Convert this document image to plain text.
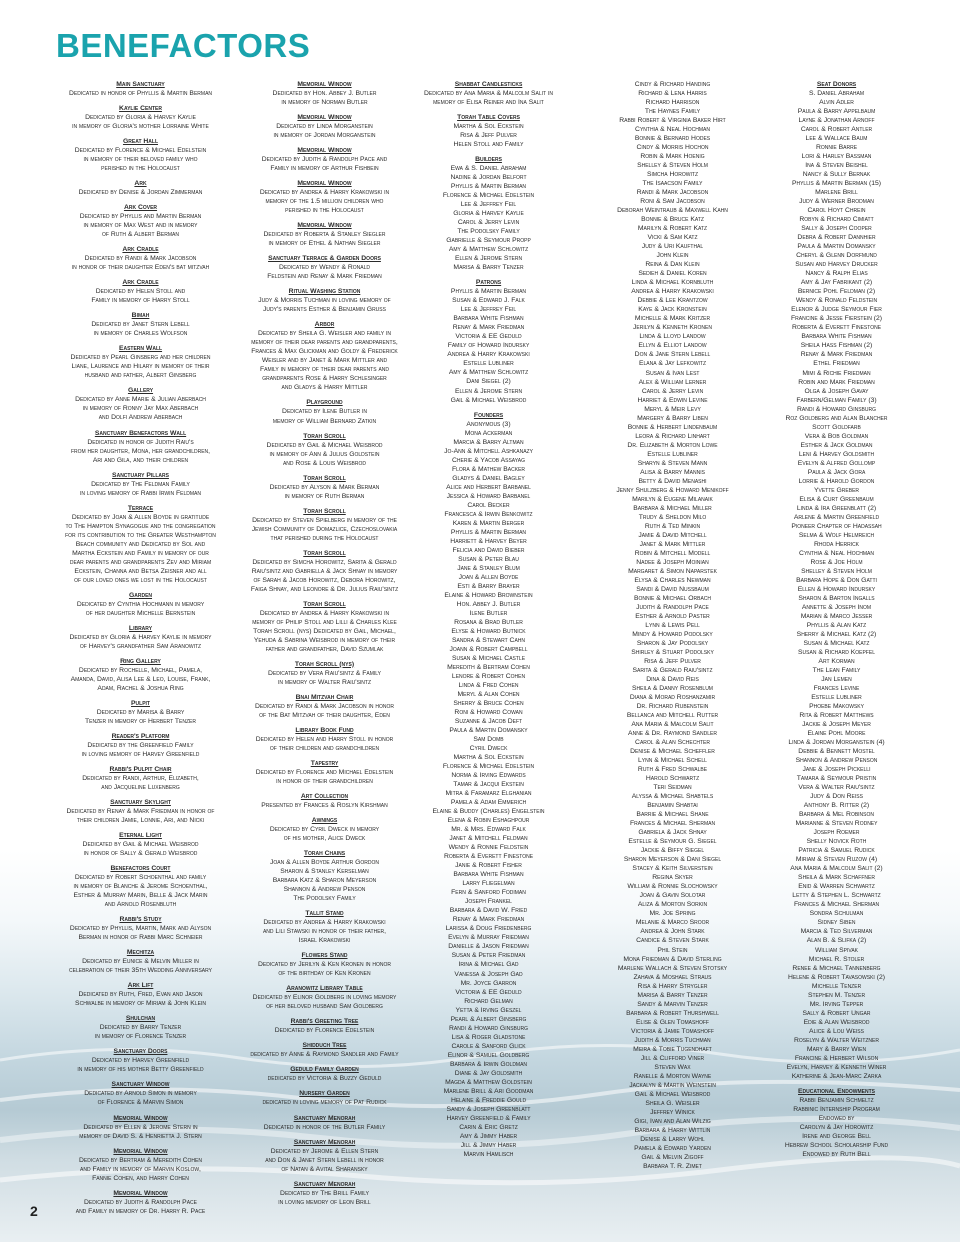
BENEFACTORS
Main Sanctuary
Dedicated in honor of Phyllis & Martin Berman
Kaylie Center
Dedicated by Gloria & Harvey Kaylie
in memory of Gloria's mother Lorraine White
Great Hall
Dedicated by Florence & Michael Edelstein
in memory of their beloved family who
perished in the Holocaust
Ark
Dedicated by Denise & Jordan Zimmerman
Ark Cover
Dedicated by Phyllis and Martin Berman
in memory of Max West and in memory
of Ruth & Albert Berman
Ark Cradle
Dedicated by Randi & Mark Jacobson
in honor of their daughter Eden's bat mitzvah
Ark Cradle
Dedicated by Helen Stoll and
Family in memory of Harry Stoll
Bimah
Dedicated by Janet Stern Lebell
in memory of Charles Wolfson
Eastern Wall
Dedicated by Pearl Ginsberg and her children
Liane, Laurence and Hilary in memory of their
husband and father, Albert Ginsberg
Gallery
Dedicated by Anne Marie & Julian Aberbach
in memory of Ronny Jay Max Aberbach
and Dolfi Andrew Aberbach
Sanctuary Benefactors Wall
Dedicated in honor of Judith Raiu's
from her daughter, Mona, her grandchildren,
Ari and Gila, and their children
Sanctuary Pillars
Dedicated by The Feldman Family
in loving memory of Rabbi Irwin Feldman
Terrace
Dedicated by Joan & Allen Boyde in gratitude
to The Hampton Synagogue and the congregation
for its contribution to the Greater Westhampton
Beach community and Dedicated by Sol and
Martha Eckstein and Family in memory of our
dear parents and grandparents Zev and Miriam
Eckstein, Channa and Betsa Zeisner and all
of our loved ones we lost in the Holocaust
Garden
Dedicated by Cynthia Hochmann in memory
of her daughter Michelle Bernstein
Library
Dedicated by Gloria & Harvey Kaylie in memory
of Harvey's grandfather Sam Aranowitz
Ring Gallery
Dedicated by Rochelle, Michael, Pamela,
Amanda, David, Alisa Lee & Leo, Louise, Frank,
Adam, Rachel & Joshua Ring
Pulpit
Dedicated by Marisa & Barry
Tenzer in memory of Herbert Tenzer
Reader's Platform
Dedicated by the Greenfield Family
in loving memory of Harvey Greenfield
Rabbi's Pulpit Chair
Dedicated by Randi, Arthur, Elizabeth,
and Jacqueline Luxenberg
Sanctuary Skylight
Dedicated by Renay & Mark Friedman in honor of
their children Jamie, Lonnie, Ari, and Nicki
Eternal Light
Dedicated by Gail & Michael Weisbrod
in honor of Sally & Gerald Weisbrod
Benefactors Court
Dedicated by Robert Schoenthal and family
in memory of Blanche & Jerome Schoenthal,
Esther & Murray Marin, Belle & Jack Marin
and Arnold Rosenbluth
Rabbi's Study
Dedicated by Phyllis, Martin, Mark and Alyson
Berman in honor of Rabbi Marc Schneier
Mechitza
Dedicated by Eunice & Melvin Miller in
celebration of their 35th Wedding Anniversary
Ark Lift
Dedicated by Ruth, Fred, Evan and Jason
Schwalbe in memory of Miriam & John Klein
Shulchan
Dedicated by Barry Tenzer
in memory of Florence Tenzer
Sanctuary Doors
Dedicated by Harvey Greenfield
in memory of his mother Betty Greenfield
Sanctuary Window
Dedicated by Arnold Simon in memory
of Florence & Marvin Simon
Memorial Window
Dedicated by Ellen & Jerome Stern in
memory of David S. & Henrietta J. Stern
Memorial Window
Dedicated by Bertram & Meredith Cohen
and Family in memory of Marvin Koslow,
Fannie Cohen, and Harry Cohen
Memorial Window
Dedicated by Judith & Randolph Pace
and Family in memory of Dr. Harry R. Pace
Memorial Window
Dedicated by Hon. Abbey J. Butler
in memory of Norman Butler
Memorial Window
Dedicated by Linda Morganstein
in memory of Jordan Morganstein
Memorial Window
Dedicated by Judith & Randolph Pace and
Family in memory of Arthur Fishbein
Memorial Window
Dedicated by Andrea & Harry Krakowski in
memory of the 1.5 million children who
perished in the Holocaust
Memorial Window
Dedicated by Roberta & Stanley Siegler
in memory of Ethel & Nathan Siegler
Sanctuary Terrace & Garden Doors
Dedicated by Wendy & Ronald
Feldstein and Renay & Mark Friedman
Ritual Washing Station
Judy & Morris Tuchman in loving memory of
Judy's parents Esther & Benjamin Gruss
Arbor
Dedicated by Sheila G. Weisler and family in
memory of their dear parents and grandparents,
Frances & Max Glickman and Goldy & Frederick
Weisler and by Janet & Mark Mittler and
Family in memory of their dear parents and
grandparents Rose & Harry Schlesinger
and Gladys & Harry Mittler
Playground
Dedicated by Ilene Butler in
memory of William Bernard Zatkin
Torah Scroll
Dedicated by Gail & Michael Weisbrod
in memory of Ann & Julius Goldstein
and Rose & Louis Weisbrod
Torah Scroll
Dedicated by Alyson & Mark Berman
in memory of Ruth Berman
Torah Scroll
Dedicated by Steven Spielberg in memory of the
Jewish Community of Domazlice, Czechoslovakia
that perished during the Holocaust
Torah Scroll
Dedicated by Simcha Horowitz, Sarita & Gerald
Raiu'sintz and Gabriella & Jack Shnay in memory
of Sarah & Jacob Horowitz, Debora Horowitz,
Faiga Shnay, and Leonore & Dr. Julius Raiu'sintz
Torah Scroll
Dedicated by Andrea & Harry Krakowski in
memory of Philip Stoll and Lilli & Charles Klee
Torah Scroll (nys) Dedicated by Gail, Michael,
Yehuda & Sabrina Weisbrod in memory of their
father and grandfather, David Szumlak
Torah Scroll (nys)
Dedicated by Vera Raiu'sintz & Family
in memory of Walter Raiu'sintz
Bnai Mitzvah Chair
Dedicated by Randi & Mark Jacobson in honor
of the Bat Mitzvah of their daughter, Eden
Library Book Fund
Dedicated by Helen and Harry Stoll in honor
of their children and grandchildren
Tapestry
Dedicated by Florence and Michael Edelstein
in honor of their grandchildren
Art Collection
Presented by Frances & Roslyn Kirshman
Awnings
Dedicated by Cyril Dweck in memory
of his mother, Alice Dweck
Torah Chains
Joan & Allen Boyde Arthur Gordon
Sharon & Stanley Kerselman
Barbara Katz & Sharon Meyerson
Shannon & Andrew Penson
The Podolsky Family
Tallit Stand
Dedicated by Andrea & Harry Krakowski
and Lili Stawski in honor of their father,
Israel Krakowski
Flowers Stand
Dedicated by Jerilyn & Ken Kronen in honor
of the birthday of Ken Kronen
Aranowitz Library Table
Dedicated by Elinor Goldberg in loving memory
of her beloved husband Sam Goldberg
Rabbi's Greeting Tree
Dedicated by Florence Edelstein
Shidduch Tree
dedicated by Anne & Raymond Sandler and Family
Geduld Family Garden
dedicated by Victoria & Buzzy Geduld
Nursery Garden
dedicated in loving memory of Pat Rudick
Sanctuary Menorah
Dedicated in honor of the Butler Family
Sanctuary Menorah
Dedicated by Jerome & Ellen Stern
and Don & Janet Stern Lebell in honor
of Natan & Avital Sharansky
Sanctuary Menorah
Dedicated by The Brill Family
in loving memory of Leon Brill
Shabbat Candlesticks
Dedicated by Ana Maria & Malcolm Salit in
memory of Elisa Reiner and Ina Salit
Torah Table Covers
Martha & Sol Eckstein
Risa & Jeff Pulver
Helen Stoll and Family
Builders
Ewa & S. Daniel Abraham
Nadine & Jordan Belfort
Phyllis & Martin Berman
Florence & Michael Edelstein
Lee & Jeffrey Feil
Gloria & Harvey Kaylie
Carol & Jerry Levin
The Podolsky Family
Gabrielle & Seymour Propp
Amy & Matthew Schlowitz
Ellen & Jerome Stern
Marisa & Barry Tenzer
Patrons
Phyllis & Martin Berman
Susan & Edward J. Falk
Lee & Jeffrey Feil
Barbara White Fishman
Renay & Mark Friedman
Victoria & EE Geduld
Family of Howard Indursky
Andrea & Harry Krakowski
Estelle Lubliner
Amy & Matthew Schlowitz
Dani Siegel (2)
Ellen & Jerome Stern
Gail & Michael Weisbrod
Founders
Anonymous (3)
Mona Ackerman
Marcia & Barry Altman
Jo-Ann & Mitchell Ashkanazy
Cherie & Yacob Assayag
Flora & Mathew Backer
Gladys & Daniel Bagley
Alice and Herbert Barbanel
Jessica & Howard Barbanel
Carol Becker
Francesca & Irwin Benkowitz
Karen & Martin Berger
Phyllis & Martin Berman
Harriett & Harvey Beyer
Felicia and David Bieber
Susan & Peter Blau
Jane & Stanley Blum
Joan & Allen Boyde
Esti & Barry Brayer
Elaine & Howard Brownstein
Hon. Abbey J. Butler
Ilene Butler
Rosana & Brad Butler
Elyse & Howard Butnick
Sandra & Stewart Cahn
Joann & Robert Campbell
Susan & Michael Castle
Meredith & Bertram Cohen
Lenore & Robert Cohen
Linda & Fred Cohen
Meryl & Alan Cohen
Sherry & Bruce Cohen
Roni & Howard Cowan
Suzanne & Jacob Deft
Paula & Martin Domansky
Sam Domb
Cyril Dweck
Martha & Sol Eckstein
Florence & Michael Edelstein
Norma & Irving Edwards
Tamar & Jacqui Ekstein
Mitra & Faramarz Elghanian
Pamela & Adam Emmerich
Elaine & Buddy (Charles) Engelstein
Elena & Robin Eshaghpour
Mr. & Mrs. Edward Falk
Janet & Mitchell Feldman
Wendy & Ronnie Feldstein
Roberta & Everett Finestone
Janie & Robert Fisher
Barbara White Fishman
Larry Fliegelman
Fern & Sanford Fodiman
Joseph Frankel
Barbara & David W. Fried
Renay & Mark Friedman
Larissa & Doug Friedenberg
Evelyn & Murray Friedman
Danielle & Jason Friedman
Susan & Peter Friedman
Irina & Michael Gad
Vanessa & Joseph Gad
Mr. Joyce Garron
Victoria & EE Geduld
Richard Gelman
Yetta & Irving Geszel
Pearl & Albert Ginsberg
Randi & Howard Ginsburg
Lisa & Roger Gladstone
Carole & Sanford Glick
Elinor & Samuel Goldberg
Barbara & Irwin Goldman
Diane & Jay Goldsmith
Magda & Matthew Goldstein
Marlene Brill & Ari Goodman
Helaine & Freddie Gould
Sandy & Joseph Greenblatt
Harvey Greenfield & Family
Carin & Eric Gretz
Amy & Jimmy Haber
Jill & Jimmy Haber
Marvin Hamlisch
Cindy & Richard Handing
Richard & Lena Harris
Richard Harrison
The Haynes Family
Rabbi Robert & Virginia Baker Hirt
Cynthia & Neal Hochman
Bonnie & Bernard Hodes
Cindy & Morris Hochon
Robin & Mark Hoenig
Shelley & Steven Holm
Simcha Horowitz
The Isaacson Family
Randi & Mark Jacobson
Roni & Sam Jacobson
Deborah Weintraub & Maxwell Kahn
Bonnie & Bruce Katz
Marilyn & Robert Katz
Vicki & Sam Katz
Judy & Uri Kaufthal
John Klein
Reina & Dan Klein
Sedieh & Daniel Koren
Linda & Michael Kornbluth
Andrea & Harry Krakowski
Debbie & Lee Krantzow
Kaye & Jack Kronstein
Michelle & Mark Kritzer
Jerilyn & Kenneth Kronen
Linda & Lloyd Landow
Ellyn & Elliot Landow
Don & Jane Stern Lebell
Elana & Jay Lefkowitz
Susan & Ivan Lest
Alex & William Lerner
Carol & Jerry Levin
Harriet & Edwin Levine
Meryl & Meir Levy
Margery & Barry Liben
Bonnie & Herbert Lindenbaum
Leora & Richard Linhart
Dr. Elizabeth & Morton Lowe
Estelle Lubliner
Sharyn & Steven Mann
Alisa & Barry Mannis
Betty & David Menashi
Jenny Shulzberg & Howard Menikoff
Marilyn & Eugene Milanaik
Barbara & Michael Miller
Trudy & Sheldon Milo
Ruth & Ted Minkin
Jamie & David Mitchell
Janet & Mark Mittler
Robin & Mitchell Modell
Nadee & Joseph Moinian
Margaret & Simon Naparstek
Elysa & Charles Newman
Sandi & David Nussbaum
Bonnie & Michael Orbach
Judith & Randolph Pace
Esther & Arnold Paster
Lynn & Lewis Pell
Mindy & Howard Podolsky
Sharon & Jay Podolsky
Shirley & Stuart Podolsky
Risa & Jeff Pulver
Sarita & Gerald Raiu'sintz
Dina & David Reis
Sheila & Danny Rosenblum
Diana & Morad Roshanzamir
Dr. Richard Rubenstein
Bellanca and Mitchell Rutter
Ana Maria & Malcolm Salit
Anne & Dr. Raymond Sandler
Carol & Alan Schechter
Denise & Michael Scheffler
Lynn & Michael Schell
Ruth & Fred Schwalbe
Harold Schwartz
Teri Seidman
Alyssa & Michael Shabtels
Benjamin Shabtai
Barrie & Michael Shane
Frances & Michael Sherman
Gabriela & Jack Shnay
Estelle & Seymour G. Siegel
Jackie & Biffy Siegel
Sharon Meyerson & Dani Siegel
Stacey & Keith Silverstein
Regina Skyer
William & Ronnie Slochowsky
Joan & Gavin Solotar
Aliza & Morton Sorkin
Mr. Joe Spring
Melanie & Marco Sroor
Andrea & John Stark
Candice & Steven Stark
Phil Stein
Mona Friedman & David Sterling
Marlene Wallach & Steven Stotsky
Zahava & Moshael Straus
Risa & Harry Strygler
Marisa & Barry Tenzer
Sandy & Marvin Tenzer
Barbara & Robert Thurshwell
Elise & Glen Tomashoff
Victoria & Jamie Tomashoff
Judith & Morris Tuchman
Meira & Tobie Tugendhaft
Jill & Clifford Viner
Steven Wax
Ranelle & Morton Wayne
Jackalyn & Martin Weinstein
Gail & Michael Weisbrod
Sheila G. Weisler
Jeffrey Winick
Gigi, Ivan and Alan Wilzig
Barbara & Harry Wittlin
Denise & Larry Wohl
Pamela & Edward Yarden
Gail & Melvin Zigoff
Barbara T. R. Zimet
Seat Donors
S. Daniel Abraham
Alvin Adler
Paula & Barry Appelbaum
Layne & Jonathan Arnoff
Carol & Robert Antler
Lee & Wallace Baum
Ronnie Barre
Lori & Harley Bassman
Ina & Steven Beishel
Nancy & Sully Bernak
Phyllis & Martin Berman (15)
Marlene Brill
Judy & Werner Brodman
Carol Hoyt Chrein
Robyn & Richard Cimiatt
Sally & Joseph Cooper
Debra & Robert Dannhier
Paula & Martin Domansky
Cheryl & Glenn Dorfmund
Susan and Harvey Drucker
Nancy & Ralph Elias
Amy & Jay Fabrikant (2)
Bernice Pohl Feldman (2)
Wendy & Ronald Feldstein
Elenor & Judge Seymour Fier
Francine & Jesse Fierstein (2)
Roberta & Everett Finestone
Barbara White Fishman
Sheila Hass Fishman (2)
Renay & Mark Friedman
Ethel Friedman
Mimi & Richie Friedman
Robin and Mark Friedman
Olga & Joseph Gavay
Farbern/Gelman Family (3)
Randi & Howard Ginsburg
Roz Goldberg and Alan Blancher
Scott Goldfarb
Vera & Bob Goldman
Esther & Jack Goldman
Leni & Harvey Goldsmith
Evelyn & Alfred Gollomp
Paula & Jack Gora
Lorrie & Harold Gordon
Yvette Greber
Elisa & Curt Greenbaum
Linda & Ira Greenblatt (2)
Arlene & Martin Greenfield
Pioneer Chapter of Hadassah
Selma & Wolf Helmreich
Rhoda Herrick
Cynthia & Neal Hochman
Rose & Joe Holm
Shelley & Steven Holm
Barbara Hope & Don Gatti
Ellen & Howard Indursky
Sharon & Barton Ingalls
Annette & Joseph Inom
Marian & Marco Jesser
Phyllis & Alan Katz
Sherry & Michael Katz (2)
Susan & Michael Katz
Susan & Richard Koepfel
Art Korman
The Lean Family
Jan Lemen
Frances Levine
Estelle Lubliner
Phoebe Makowsky
Rita & Robert Matthews
Jackie & Joseph Meyer
Elaine Pohl Moore
Linda & Jordan Morganstein (4)
Debbie & Bennett Mostel
Shannon & Andrew Penson
Jane & Joseph Pickelli
Tamara & Seymour Pristin
Vera & Walter Raiu'sintz
Judy & Don Reiss
Anthony B. Ritter (2)
Barbara & Mel Robinson
Marianne & Steven Rodney
Joseph Roemer
Shelly Novick Roth
Patricia & Samuel Rudick
Miriam & Steven Ruzow (4)
Ana Maria & Malcolm Salit (2)
Sheila & Mark Schaffner
Enid & Warren Schwartz
Letty & Stephen L. Schwartz
Frances & Michael Sherman
Sondra Schulman
Sidney Siben
Marcia & Ted Silverman
Alan B. & Slifka (2)
William Spivak
Michael R. Stoler
Renee & Michael Tannenberg
Helene & Robert Tavasowski (2)
Michelle Tenzer
Stephen M. Tenzer
Mr. Irving Tepper
Sally & Robert Ungar
Edie & Alan Weisbrod
Alice & Lou Weiss
Roselyn & Walter Weitzner
Mary & Barry Wien
Francine & Herbert Wilson
Evelyn, Harvey & Kenneth Winer
Katherine & Jean-Marc Zarka
Educational Endowments
Rabbi Benjamin Schmeltz
Rabbinic Internship Program
Endowed by
Carolyn & Jay Horowitz
Irene and George Bell
Hebrew School Scholarship Fund
Endowed by Ruth Bell
2
